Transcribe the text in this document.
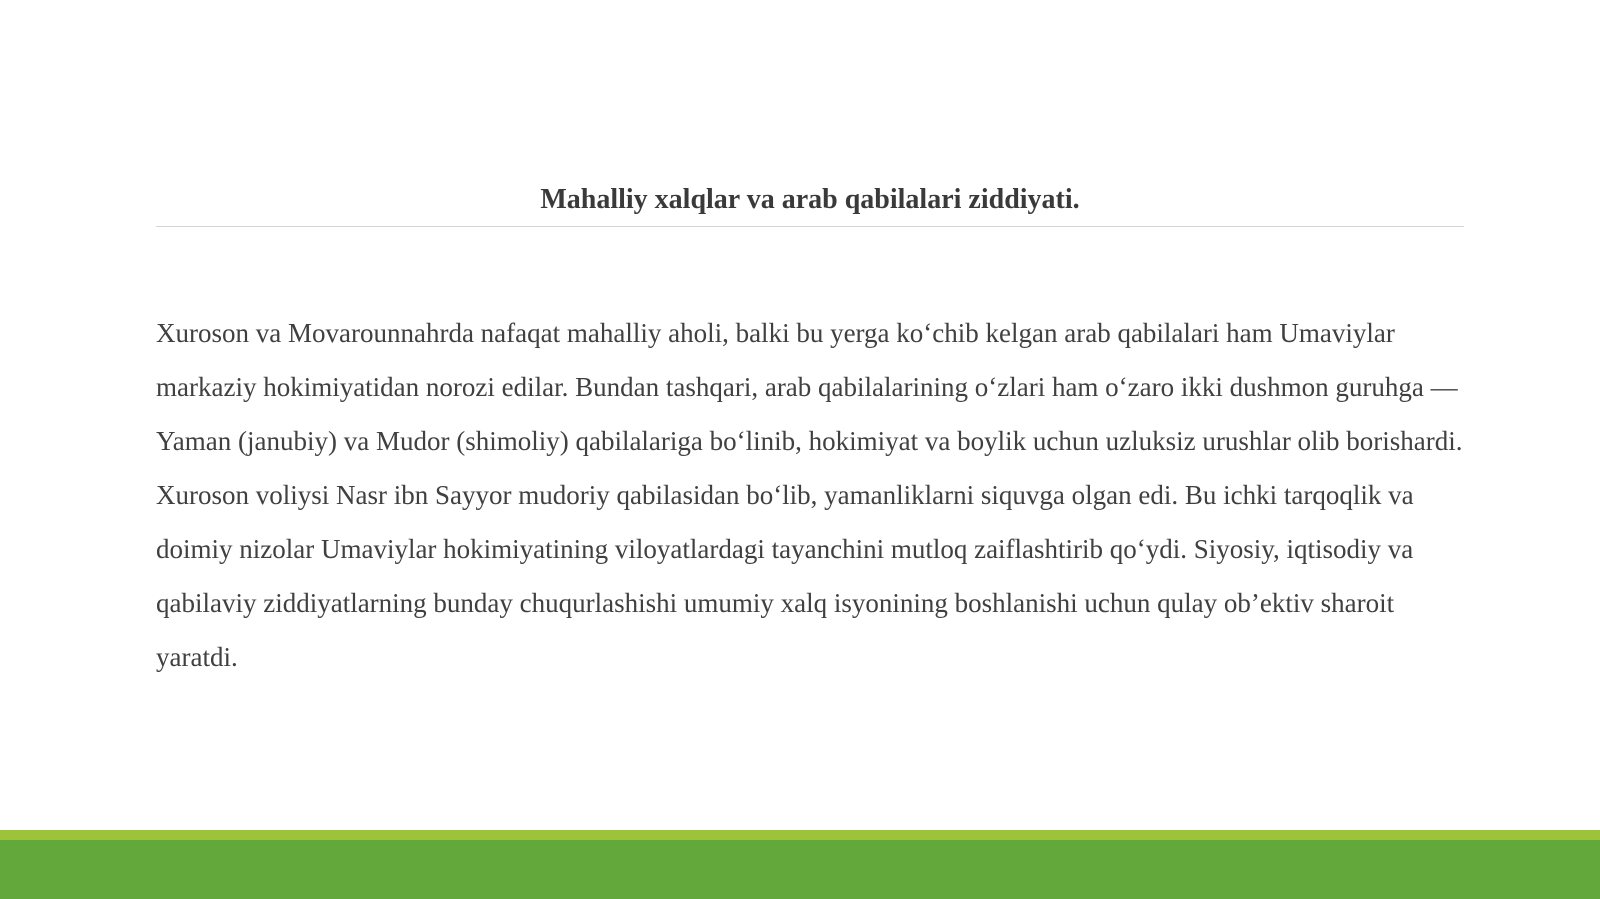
Mahalliy xalqlar va arab qabilalari ziddiyati.

Xuroson va Movarounnahrda nafaqat mahalliy aholi, balki bu yerga ko‘chib kelgan arab qabilalari ham Umaviylar markaziy hokimiyatidan norozi edilar. Bundan tashqari, arab qabilalarining o‘zlari ham o‘zaro ikki dushmon guruhga — Yaman (janubiy) va Mudor (shimoliy) qabilalariga bo‘linib, hokimiyat va boylik uchun uzluksiz urushlar olib borishardi. Xuroson voliysi Nasr ibn Sayyor mudoriy qabilasidan bo‘lib, yamanliklarni siquvga olgan edi. Bu ichki tarqoqlik va doimiy nizolar Umaviylar hokimiyatining viloyatlardagi tayanchini mutloq zaiflashtirib qo‘ydi. Siyosiy, iqtisodiy va qabilaviy ziddiyatlarning bunday chuqurlashishi umumiy xalq isyonining boshlanishi uchun qulay ob’ektiv sharoit yaratdi.
